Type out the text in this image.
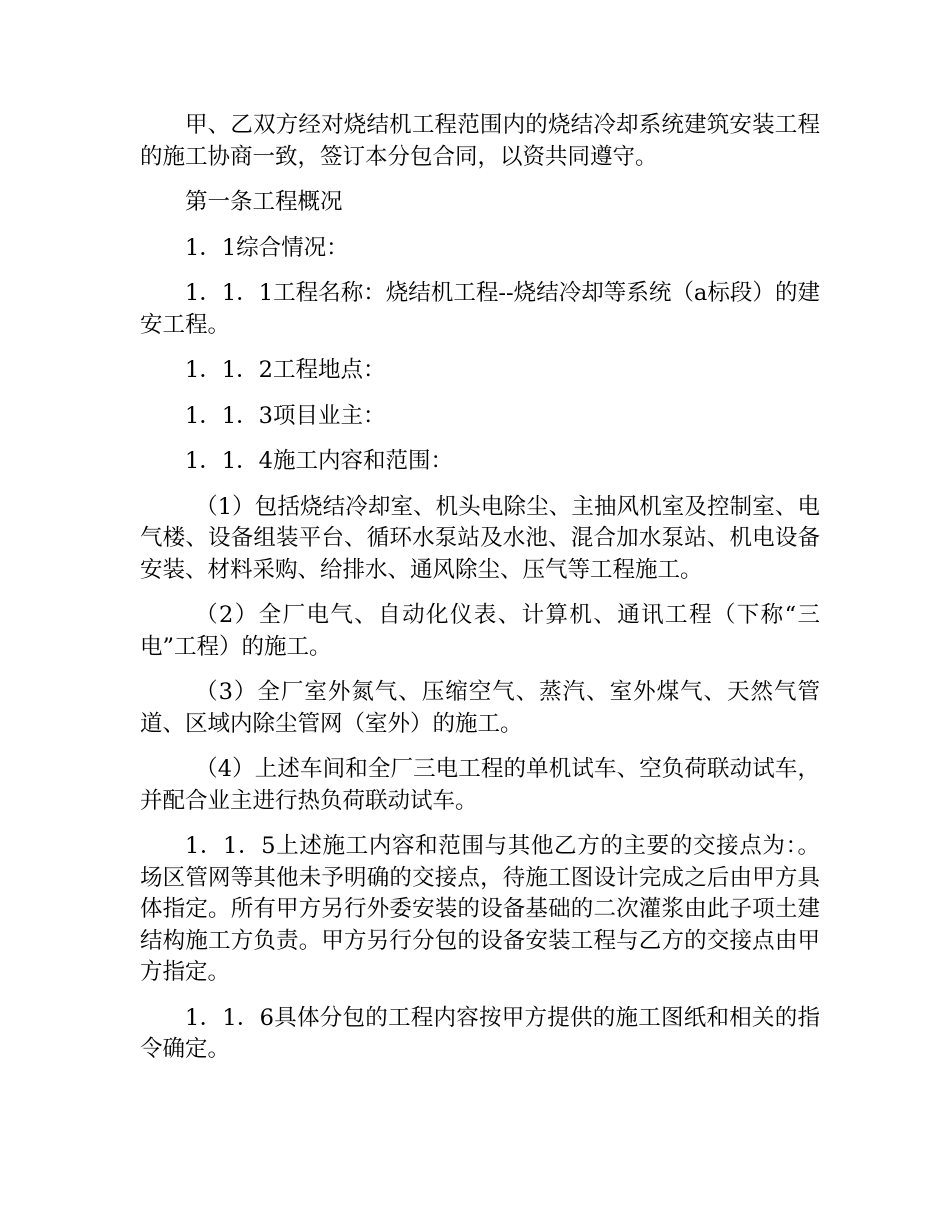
甲、乙双方经对烧结机工程范围内的烧结冷却系统建筑安装工程的施工协商一致，签订本分包合同，以资共同遵守。

第一条工程概况

1．1综合情况：

1．1．1工程名称：烧结机工程--烧结冷却等系统（a标段）的建安工程。

1．1．2工程地点：

1．1．3项目业主：

1．1．4施工内容和范围：

（1）包括烧结冷却室、机头电除尘、主抽风机室及控制室、电气楼、设备组装平台、循环水泵站及水池、混合加水泵站、机电设备安装、材料采购、给排水、通风除尘、压气等工程施工。

（2）全厂电气、自动化仪表、计算机、通讯工程（下称“三电”工程）的施工。

（3）全厂室外氮气、压缩空气、蒸汽、室外煤气、天然气管道、区域内除尘管网（室外）的施工。

（4）上述车间和全厂三电工程的单机试车、空负荷联动试车，并配合业主进行热负荷联动试车。

1．1．5上述施工内容和范围与其他乙方的主要的交接点为：。场区管网等其他未予明确的交接点，待施工图设计完成之后由甲方具体指定。所有甲方另行外委安装的设备基础的二次灌浆由此子项土建结构施工方负责。甲方另行分包的设备安装工程与乙方的交接点由甲方指定。

1．1．6具体分包的工程内容按甲方提供的施工图纸和相关的指令确定。
